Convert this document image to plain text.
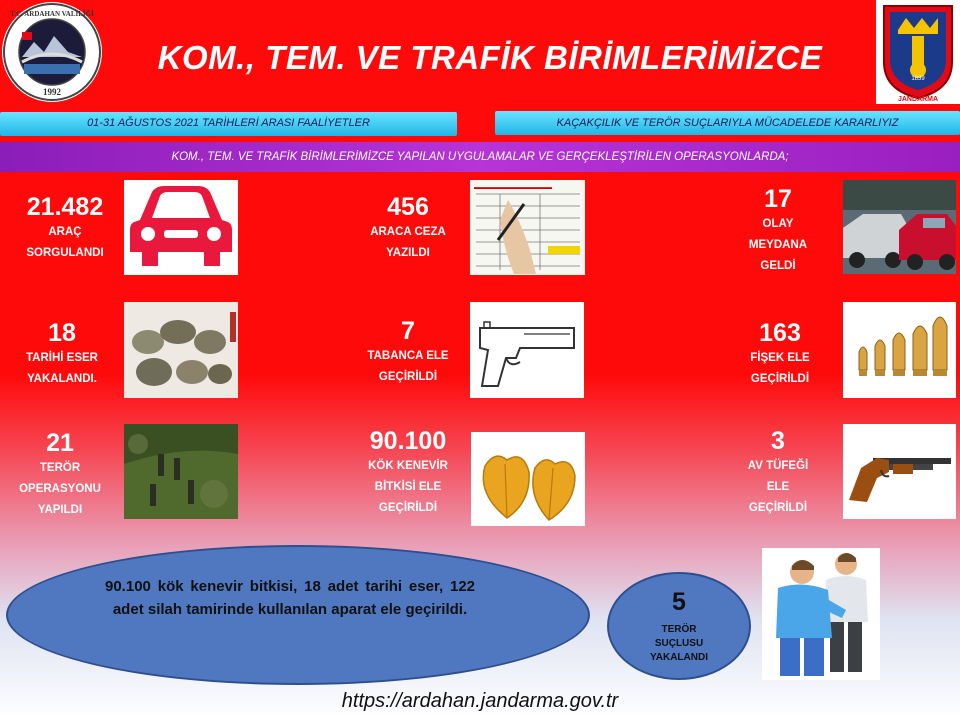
1992
T.C. ARDAHAN VALİLİĞİ
KOM., TEM. VE TRAFİK BİRİMLERİMİZCE
1839
JANDARMA
01-31 AĞUSTOS 2021 TARİHLERİ ARASI FAALİYETLER	KAÇAKÇILIK VE TERÖR SUÇLARIYLA MÜCADELEDE KARARLIYIZ
KOM., TEM. VE TRAFİK BİRİMLERİMİZCE YAPILAN UYGULAMALAR VE GERÇEKLEŞTİRİLEN OPERASYONLARDA;
21.482
ARAÇ
SORGULANDI
456
ARACA CEZA
YAZILDI
▬▬▬▬▬▬▬▬▬▬▬▬▬	17
OLAY
MEYDANA
GELDİ
18
TARİHİ ESER
YAKALANDI.
7
TABANCA ELE
GEÇİRİLDİ
163
FİŞEK ELE
GEÇİRİLDİ
21
TERÖR
OPERASYONU
YAPILDI
90.100
KÖK KENEVİR
BİTKİSİ ELE
GEÇİRİLDİ
3
AV TÜFEĞİ
ELE
GEÇİRİLDİ
90.100 kök kenevir bitkisi, 18 adet tarihi eser, 122 adet silah tamirinde kullanılan aparat ele geçirildi.	5
TERÖR
SUÇLUSU
YAKALANDI
https://ardahan.jandarma.gov.tr
